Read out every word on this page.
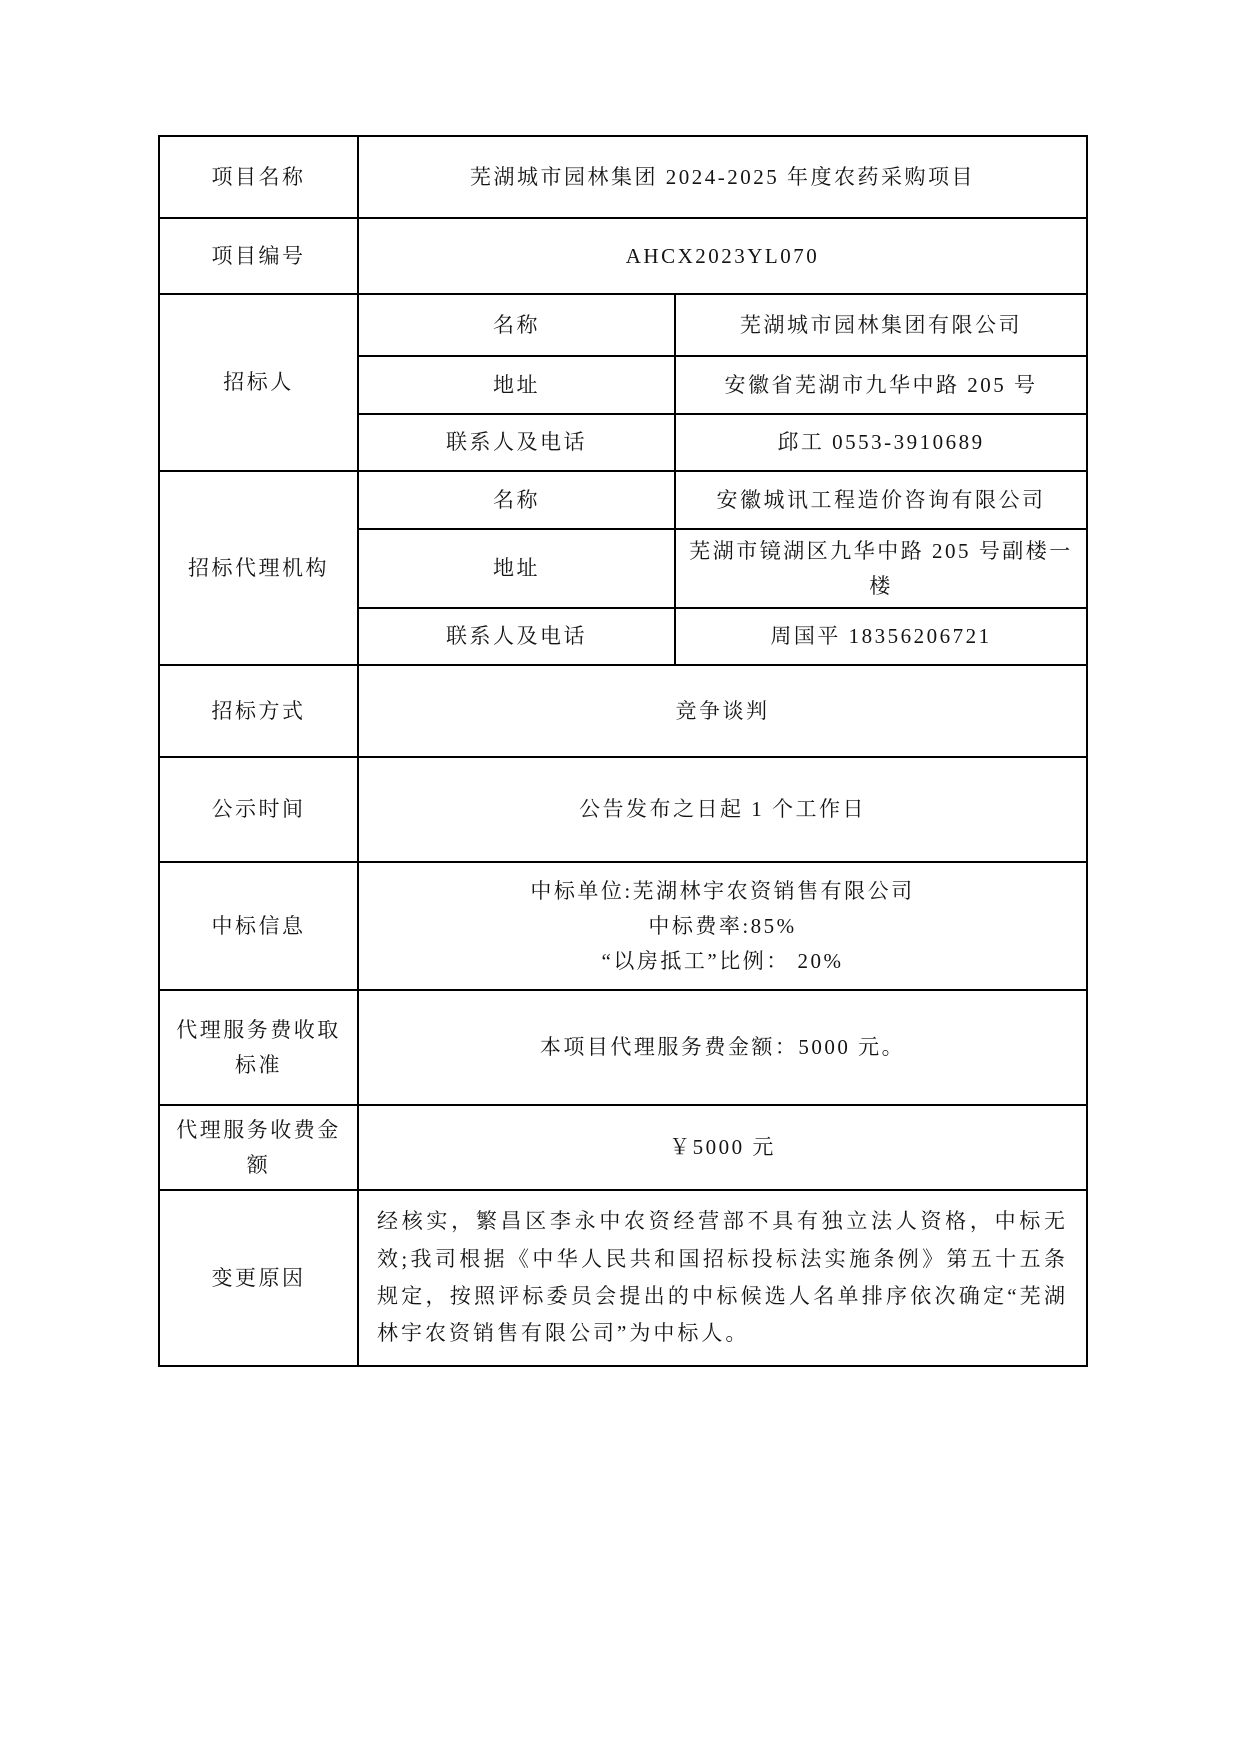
项目名称	芜湖城市园林集团 2024-2025 年度农药采购项目	
项目编号	AHCX2023YL070	
招标人	名称	芜湖城市园林集团有限公司
	地址	安徽省芜湖市九华中路 205 号
	联系人及电话	邱工 0553-3910689
招标代理机构	名称	安徽城讯工程造价咨询有限公司
	地址	芜湖市镜湖区九华中路 205 号副楼一楼
	联系人及电话	周国平 18356206721
招标方式	竞争谈判	
公示时间	公告发布之日起 1 个工作日	
中标信息	中标单位:芜湖林宇农资销售有限公司
中标费率:85%
“以房抵工”比例： 20%	

代理服务费收取标准	本项目代理服务费金额：5000 元。	
代理服务收费金额	￥5000 元	
变更原因	经核实，繁昌区李永中农资经营部不具有独立法人资格，中标无效;我司根据《中华人民共和国招标投标法实施条例》第五十五条规定，按照评标委员会提出的中标候选人名单排序依次确定“芜湖林宇农资销售有限公司”为中标人。	
